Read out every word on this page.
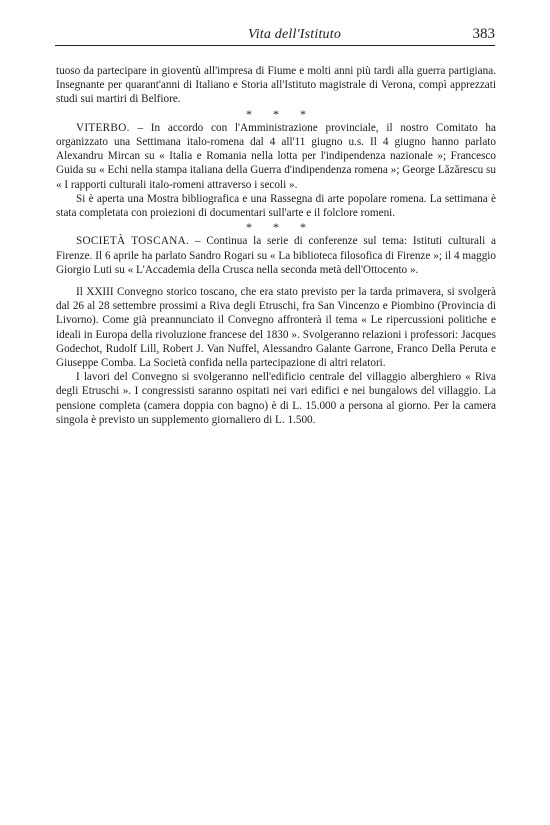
Vita dell'Istituto	383

tuoso da partecipare in gioventù all'impresa di Fiume e molti anni più tardi alla guerra partigiana. Insegnante per quarant'anni di Italiano e Storia all'Istituto magistrale di Verona, compì apprezzati studi sui martiri di Belfiore.

* * *

VITERBO. – In accordo con l'Amministrazione provinciale, il nostro Comitato ha organizzato una Settimana italo-romena dal 4 all'11 giugno u.s. Il 4 giugno hanno parlato Alexandru Mircan su « Italia e Romania nella lotta per l'indipendenza nazionale »; Francesco Guida su « Echi nella stampa italiana della Guerra d'indipendenza romena »; George Lăzărescu su « I rapporti culturali italo-romeni attraverso i secoli ».

Si è aperta una Mostra bibliografica e una Rassegna di arte popolare romena. La settimana è stata completata con proiezioni di documentari sull'arte e il folclore romeni.

* * *

SOCIETÀ TOSCANA. – Continua la serie di conferenze sul tema: Istituti culturali a Firenze. Il 6 aprile ha parlato Sandro Rogari su « La biblioteca filosofica di Firenze »; il 4 maggio Giorgio Luti su « L'Accademia della Crusca nella seconda metà dell'Ottocento ».

Il XXIII Convegno storico toscano, che era stato previsto per la tarda primavera, si svolgerà dal 26 al 28 settembre prossimi a Riva degli Etruschi, fra San Vincenzo e Piombino (Provincia di Livorno). Come già preannunciato il Convegno affronterà il tema « Le ripercussioni politiche e ideali in Europa della rivoluzione francese del 1830 ». Svolgeranno relazioni i professori: Jacques Godechot, Rudolf Lill, Robert J. Van Nuffel, Alessandro Galante Garrone, Franco Della Peruta e Giuseppe Comba. La Società confida nella partecipazione di altri relatori.

I lavori del Convegno si svolgeranno nell'edificio centrale del villaggio alberghiero « Riva degli Etruschi ». I congressisti saranno ospitati nei vari edifici e nei bungalows del villaggio. La pensione completa (camera doppia con bagno) è di L. 15.000 a persona al giorno. Per la camera singola è previsto un supplemento giornaliero di L. 1.500.
